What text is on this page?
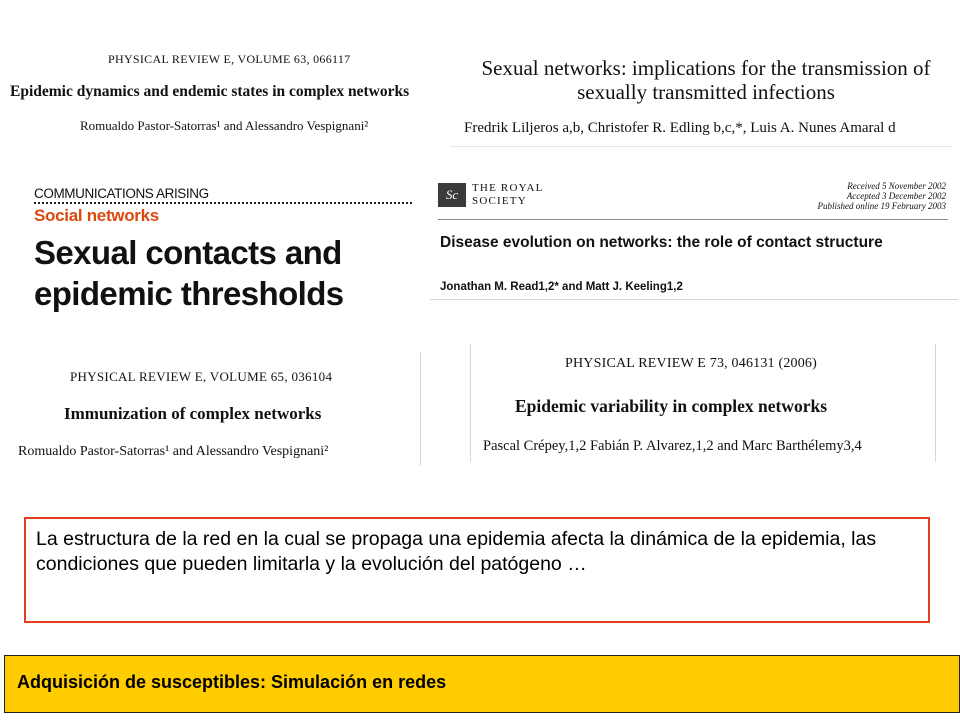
PHYSICAL REVIEW E, VOLUME 63, 066117
Epidemic dynamics and endemic states in complex networks
Romualdo Pastor-Satorras¹ and Alessandro Vespignani²
Sexual networks: implications for the transmission of sexually transmitted infections
Fredrik Liljeros a,b, Christofer R. Edling b,c,*, Luis A. Nunes Amaral d
COMMUNICATIONS ARISING
Social networks
Sexual contacts and epidemic thresholds
Sc	THE ROYAL
SOCIETY
Received 5 November 2002
Accepted 3 December 2002
Published online 19 February 2003
Disease evolution on networks: the role of contact structure
Jonathan M. Read1,2* and Matt J. Keeling1,2
PHYSICAL REVIEW E, VOLUME 65, 036104
Immunization of complex networks
Romualdo Pastor-Satorras¹ and Alessandro Vespignani²
PHYSICAL REVIEW E 73, 046131 (2006)
Epidemic variability in complex networks
Pascal Crépey,1,2 Fabián P. Alvarez,1,2 and Marc Barthélemy3,4

La estructura de la red en la cual se propaga una epidemia afecta la dinámica de la epidemia, las condiciones que pueden limitarla y la evolución del patógeno …

Adquisición de susceptibles: Simulación en redes
